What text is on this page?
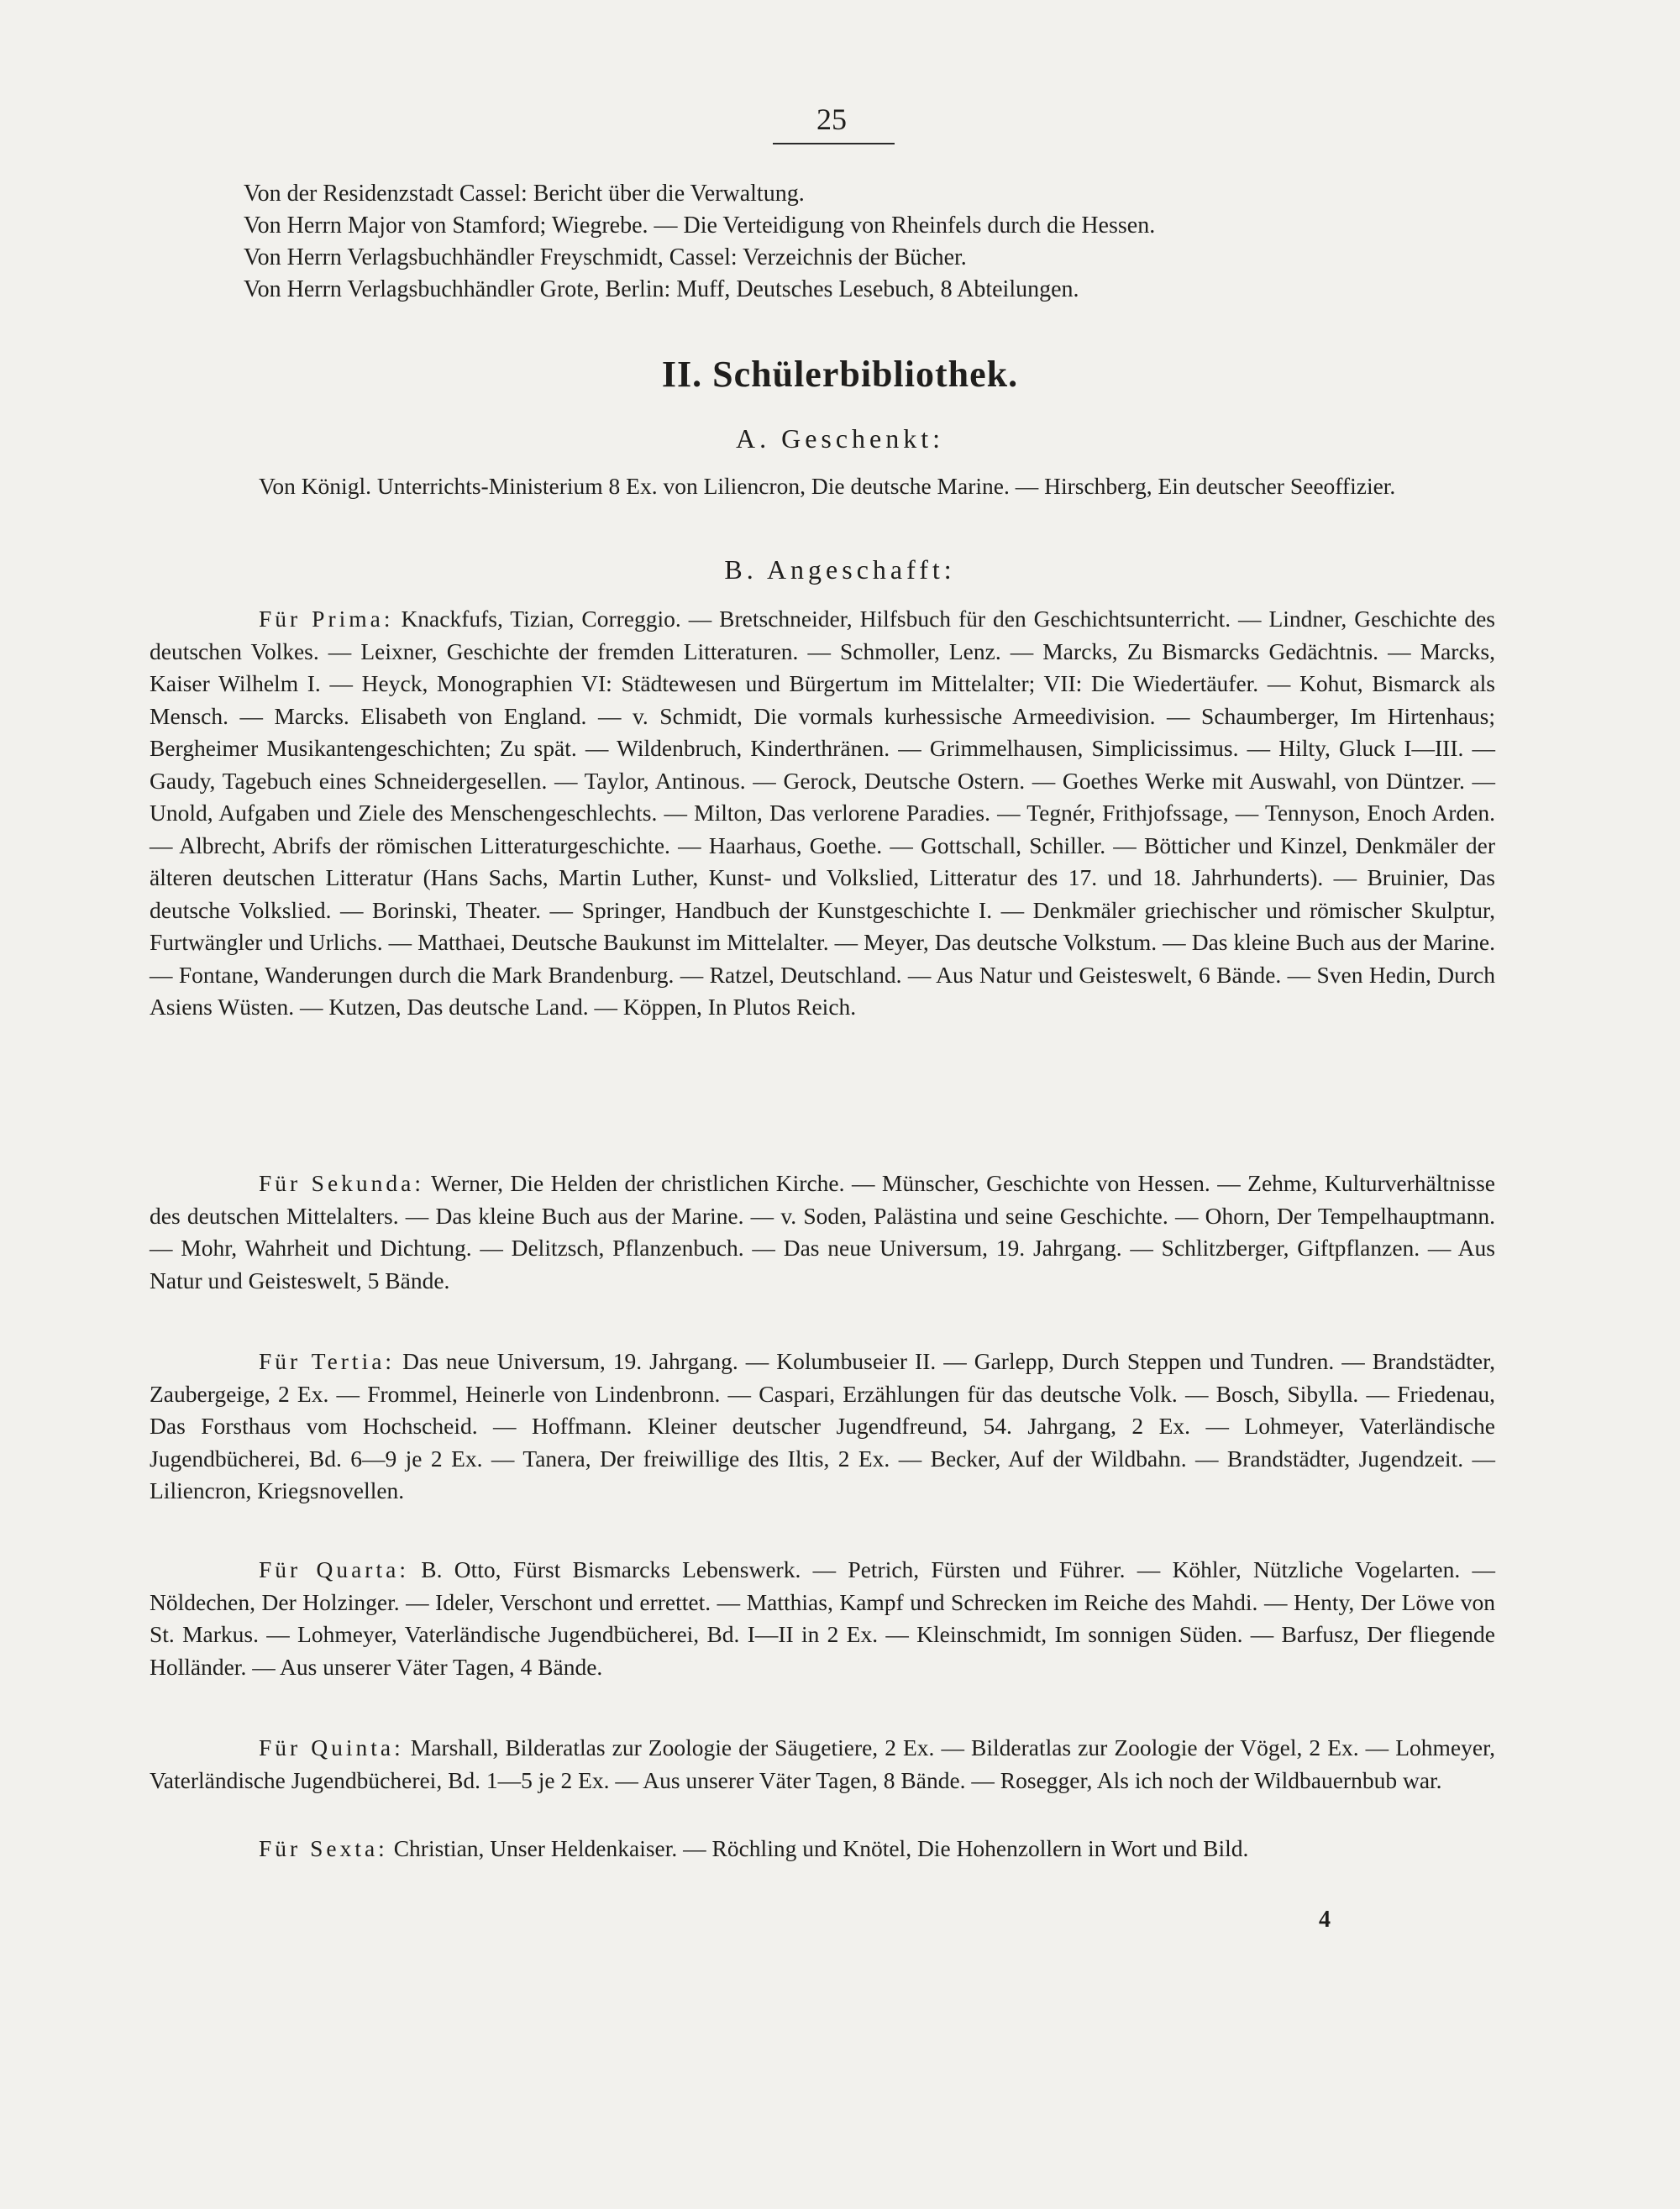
25

Von der Residenzstadt Cassel: Bericht über die Verwaltung.

Von Herrn Major von Stamford; Wiegrebe. — Die Verteidigung von Rheinfels durch die Hessen.

Von Herrn Verlagsbuchhändler Freyschmidt, Cassel: Verzeichnis der Bücher.

Von Herrn Verlagsbuchhändler Grote, Berlin: Muff, Deutsches Lesebuch, 8 Abteilungen.

II. Schülerbibliothek.
A. Geschenkt:

Von Königl. Unterrichts-Ministerium 8 Ex. von Liliencron, Die deutsche Marine. — Hirschberg, Ein deutscher Seeoffizier.

B. Angeschafft:

Für Prima: Knackfufs, Tizian, Correggio. — Bretschneider, Hilfsbuch für den Geschichtsunterricht. — Lindner, Geschichte des deutschen Volkes. — Leixner, Geschichte der fremden Litteraturen. — Schmoller, Lenz. — Marcks, Zu Bismarcks Gedächtnis. — Marcks, Kaiser Wilhelm I. — Heyck, Monographien VI: Städtewesen und Bürgertum im Mittelalter; VII: Die Wiedertäufer. — Kohut, Bismarck als Mensch. — Marcks. Elisabeth von England. — v. Schmidt, Die vormals kurhessische Armeedivision. — Schaumberger, Im Hirtenhaus; Bergheimer Musikantengeschichten; Zu spät. — Wildenbruch, Kinderthränen. — Grimmelhausen, Simplicissimus. — Hilty, Gluck I—III. — Gaudy, Tagebuch eines Schneidergesellen. — Taylor, Antinous. — Gerock, Deutsche Ostern. — Goethes Werke mit Auswahl, von Düntzer. — Unold, Aufgaben und Ziele des Menschengeschlechts. — Milton, Das verlorene Paradies. — Tegnér, Frithjofssage, — Tennyson, Enoch Arden. — Albrecht, Abrifs der römischen Litteraturgeschichte. — Haarhaus, Goethe. — Gottschall, Schiller. — Bötticher und Kinzel, Denkmäler der älteren deutschen Litteratur (Hans Sachs, Martin Luther, Kunst- und Volkslied, Litteratur des 17. und 18. Jahrhunderts). — Bruinier, Das deutsche Volkslied. — Borinski, Theater. — Springer, Handbuch der Kunstgeschichte I. — Denkmäler griechischer und römischer Skulptur, Furtwängler und Urlichs. — Matthaei, Deutsche Baukunst im Mittelalter. — Meyer, Das deutsche Volkstum. — Das kleine Buch aus der Marine. — Fontane, Wanderungen durch die Mark Brandenburg. — Ratzel, Deutschland. — Aus Natur und Geisteswelt, 6 Bände. — Sven Hedin, Durch Asiens Wüsten. — Kutzen, Das deutsche Land. — Köppen, In Plutos Reich.

Für Sekunda: Werner, Die Helden der christlichen Kirche. — Münscher, Geschichte von Hessen. — Zehme, Kulturverhältnisse des deutschen Mittelalters. — Das kleine Buch aus der Marine. — v. Soden, Palästina und seine Geschichte. — Ohorn, Der Tempelhauptmann. — Mohr, Wahrheit und Dichtung. — Delitzsch, Pflanzenbuch. — Das neue Universum, 19. Jahrgang. — Schlitzberger, Giftpflanzen. — Aus Natur und Geisteswelt, 5 Bände.

Für Tertia: Das neue Universum, 19. Jahrgang. — Kolumbuseier II. — Garlepp, Durch Steppen und Tundren. — Brandstädter, Zaubergeige, 2 Ex. — Frommel, Heinerle von Lindenbronn. — Caspari, Erzählungen für das deutsche Volk. — Bosch, Sibylla. — Friedenau, Das Forsthaus vom Hochscheid. — Hoffmann. Kleiner deutscher Jugendfreund, 54. Jahrgang, 2 Ex. — Lohmeyer, Vaterländische Jugendbücherei, Bd. 6—9 je 2 Ex. — Tanera, Der freiwillige des Iltis, 2 Ex. — Becker, Auf der Wildbahn. — Brandstädter, Jugendzeit. — Liliencron, Kriegsnovellen.

Für Quarta: B. Otto, Fürst Bismarcks Lebenswerk. — Petrich, Fürsten und Führer. — Köhler, Nützliche Vogelarten. — Nöldechen, Der Holzinger. — Ideler, Verschont und errettet. — Matthias, Kampf und Schrecken im Reiche des Mahdi. — Henty, Der Löwe von St. Markus. — Lohmeyer, Vaterländische Jugendbücherei, Bd. I—II in 2 Ex. — Kleinschmidt, Im sonnigen Süden. — Barfusz, Der fliegende Holländer. — Aus unserer Väter Tagen, 4 Bände.

Für Quinta: Marshall, Bilderatlas zur Zoologie der Säugetiere, 2 Ex. — Bilderatlas zur Zoologie der Vögel, 2 Ex. — Lohmeyer, Vaterländische Jugendbücherei, Bd. 1—5 je 2 Ex. — Aus unserer Väter Tagen, 8 Bände. — Rosegger, Als ich noch der Wildbauernbub war.

Für Sexta: Christian, Unser Heldenkaiser. — Röchling und Knötel, Die Hohenzollern in Wort und Bild.

4
